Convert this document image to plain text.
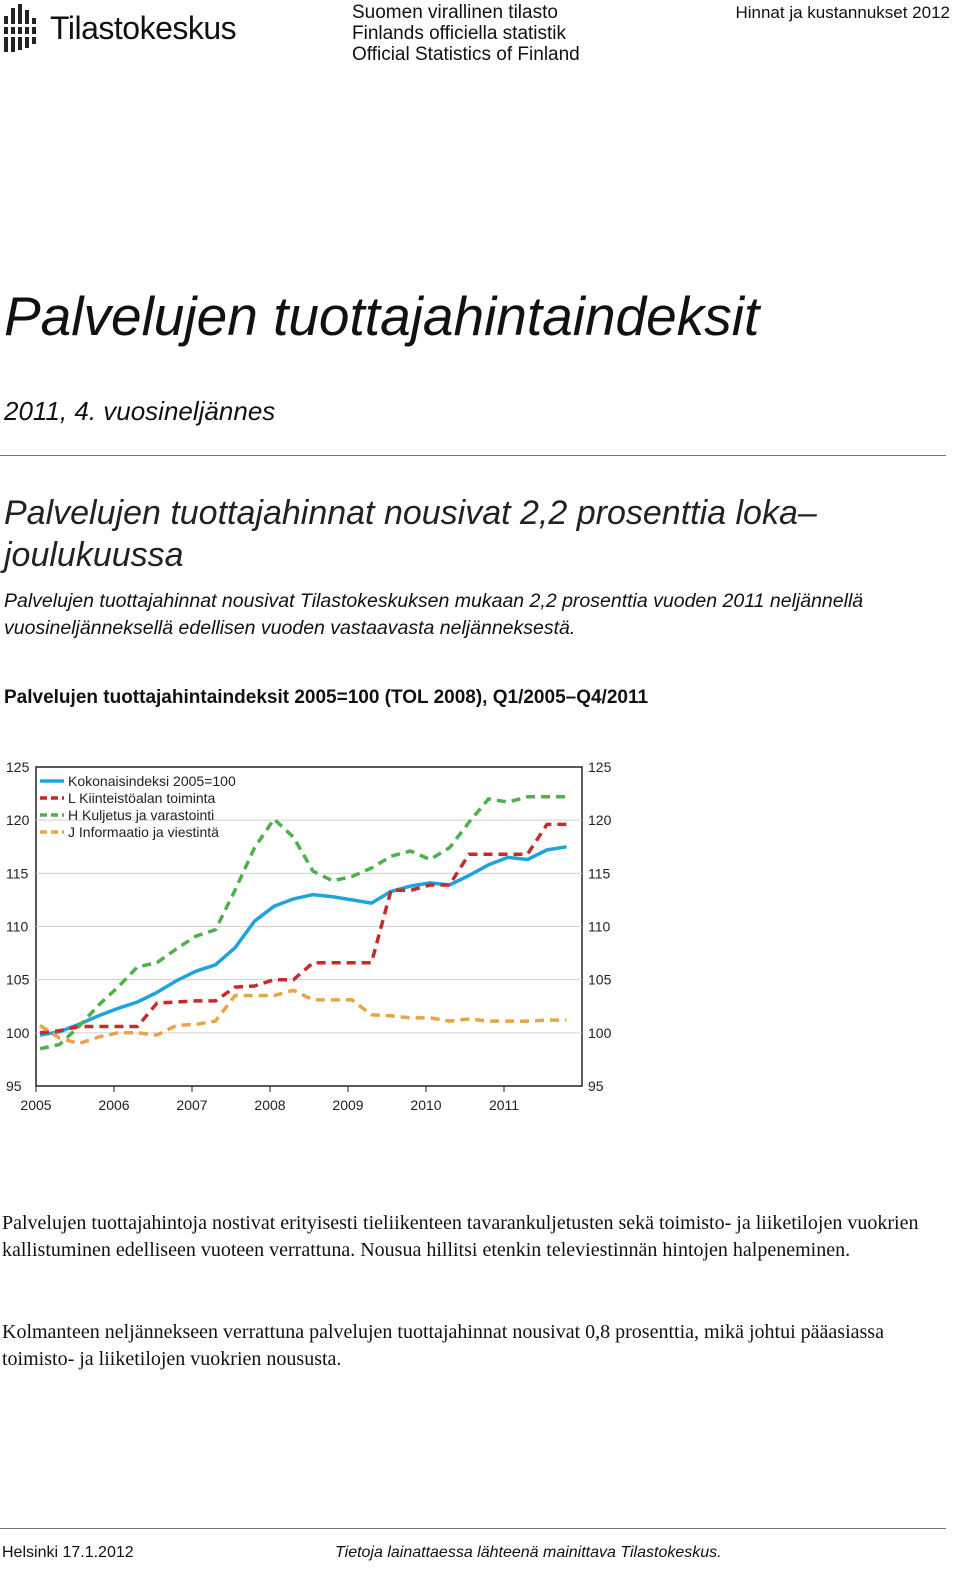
Tilastokeskus	Suomen virallinen tilasto
Finlands officiella statistik
Official Statistics of Finland
Hinnat ja kustannukset 2012
Palvelujen tuottajahintaindeksit
2011, 4. vuosineljännes
Palvelujen tuottajahinnat nousivat 2,2 prosenttia loka–joulukuussa
Palvelujen tuottajahinnat nousivat Tilastokeskuksen mukaan 2,2 prosenttia vuoden 2011 neljännellä vuosineljänneksellä edellisen vuoden vastaavasta neljänneksestä.
Palvelujen tuottajahintaindeksit 2005=100 (TOL 2008), Q1/2005–Q4/2011
95	95
100	100
105	105
110	110
115	115
120	120
125	125
2005	2006	2007	2008	2009	2010	2011
Kokonaisindeksi 2005=100
L Kiinteistöalan toiminta
H Kuljetus ja varastointi
J Informaatio ja viestintä
Palvelujen tuottajahintoja nostivat erityisesti tieliikenteen tavarankuljetusten sekä toimisto- ja liiketilojen vuokrien kallistuminen edelliseen vuoteen verrattuna. Nousua hillitsi etenkin televiestinnän hintojen halpeneminen.
Kolmanteen neljännekseen verrattuna palvelujen tuottajahinnat nousivat 0,8 prosenttia, mikä johtui pääasiassa toimisto- ja liiketilojen vuokrien noususta.
Helsinki 17.1.2012	Tietoja lainattaessa lähteenä mainittava Tilastokeskus.
